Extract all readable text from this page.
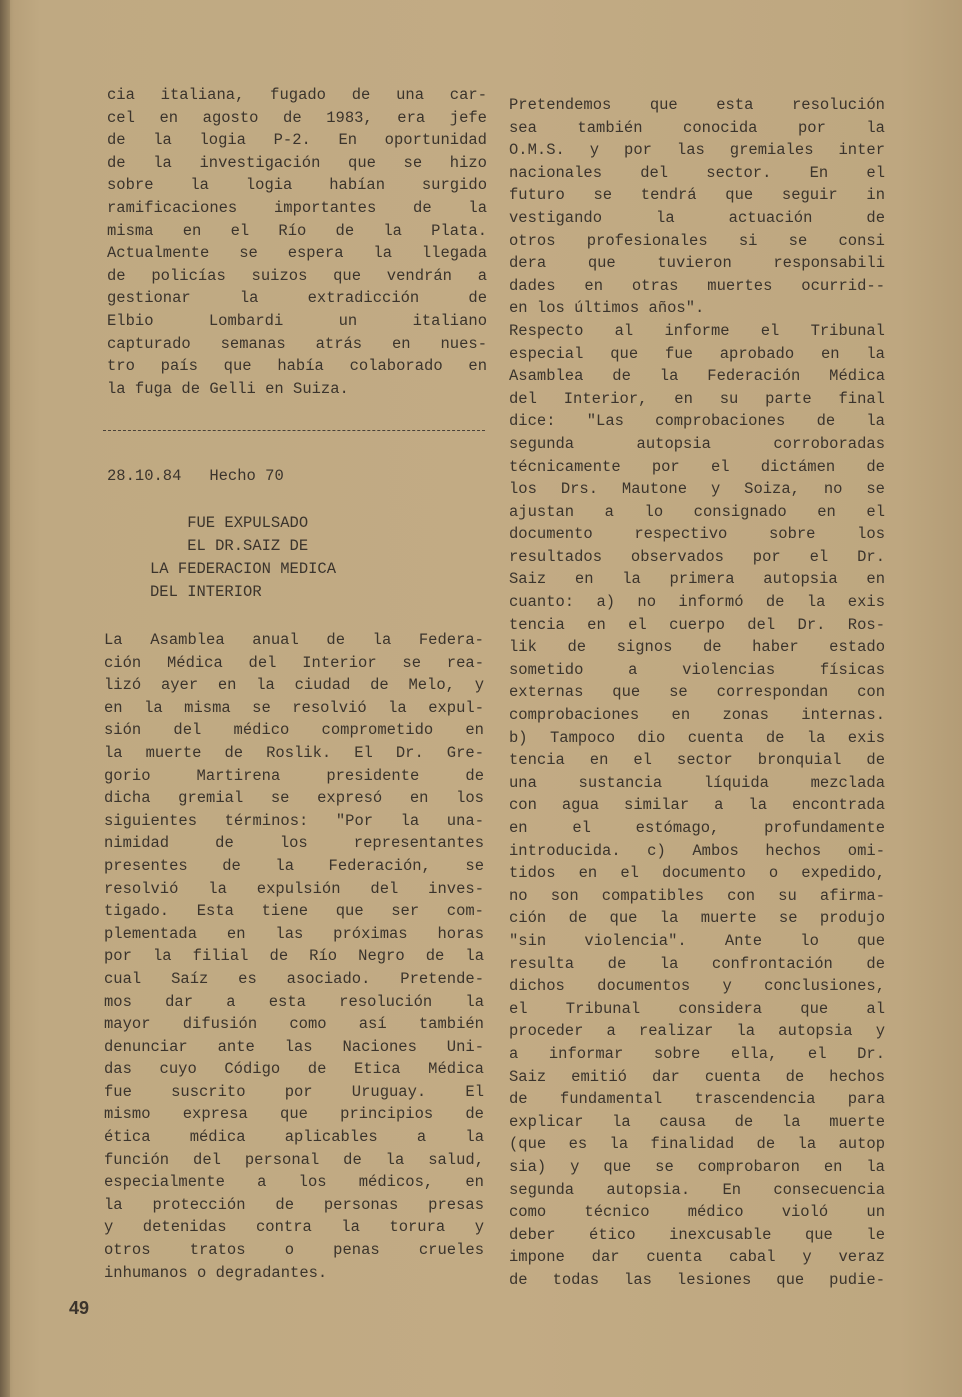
cia italiana, fugado de una car-
cel en agosto de 1983, era jefe
de la logia P-2. En oportunidad
de la investigación que se hizo
sobre la logia habían surgido
ramificaciones importantes de la
misma en el Río de la Plata.
Actualmente se espera la llegada
de policías suizos que vendrán a
gestionar la extradicción de
Elbio Lombardi un italiano
capturado semanas atrás en nues-
tro país que había colaborado en
la fuga de Gelli en Suiza.
28.10.84 Hecho 70
FUE EXPULSADO
EL DR.SAIZ DE
LA FEDERACION MEDICA
DEL INTERIOR
La Asamblea anual de la Federa-
ción Médica del Interior se rea-
lizó ayer en la ciudad de Melo, y
en la misma se resolvió la expul-
sión del médico comprometido en
la muerte de Roslik. El Dr. Gre-
gorio Martirena presidente de
dicha gremial se expresó en los
siguientes términos: "Por la una-
nimidad de los representantes
presentes de la Federación, se
resolvió la expulsión del inves-
tigado. Esta tiene que ser com-
plementada en las próximas horas
por la filial de Río Negro de la
cual Saíz es asociado. Pretende-
mos dar a esta resolución la
mayor difusión como así también
denunciar ante las Naciones Uni-
das cuyo Código de Etica Médica
fue suscrito por Uruguay. El
mismo expresa que principios de
ética médica aplicables a la
función del personal de la salud,
especialmente a los médicos, en
la protección de personas presas
y detenidas contra la torura y
otros tratos o penas crueles
inhumanos o degradantes.
Pretendemos que esta resolución
sea también conocida por la
O.M.S. y por las gremiales inter
nacionales del sector. En el
futuro se tendrá que seguir in
vestigando la actuación de
otros profesionales si se consi
dera que tuvieron responsabili
dades en otras muertes ocurrid--
en los últimos años".
Respecto al informe el Tribunal
especial que fue aprobado en la
Asamblea de la Federación Médica
del Interior, en su parte final
dice: "Las comprobaciones de la
segunda autopsia corroboradas
técnicamente por el dictámen de
los Drs. Mautone y Soiza, no se
ajustan a lo consignado en el
documento respectivo sobre los
resultados observados por el Dr.
Saiz en la primera autopsia en
cuanto: a) no informó de la exis
tencia en el cuerpo del Dr. Ros-
lik de signos de haber estado
sometido a violencias físicas
externas que se correspondan con
comprobaciones en zonas internas.
b) Tampoco dio cuenta de la exis
tencia en el sector bronquial de
una sustancia líquida mezclada
con agua similar a la encontrada
en el estómago, profundamente
introducida. c) Ambos hechos omi-
tidos en el documento o expedido,
no son compatibles con su afirma-
ción de que la muerte se produjo
"sin violencia". Ante lo que
resulta de la confrontación de
dichos documentos y conclusiones,
el Tribunal considera que al
proceder a realizar la autopsia y
a informar sobre ella, el Dr.
Saiz emitió dar cuenta de hechos
de fundamental trascendencia para
explicar la causa de la muerte
(que es la finalidad de la autop
sia) y que se comprobaron en la
segunda autopsia. En consecuencia
como técnico médico violó un
deber ético inexcusable que le
impone dar cuenta cabal y veraz
de todas las lesiones que pudie-
49
